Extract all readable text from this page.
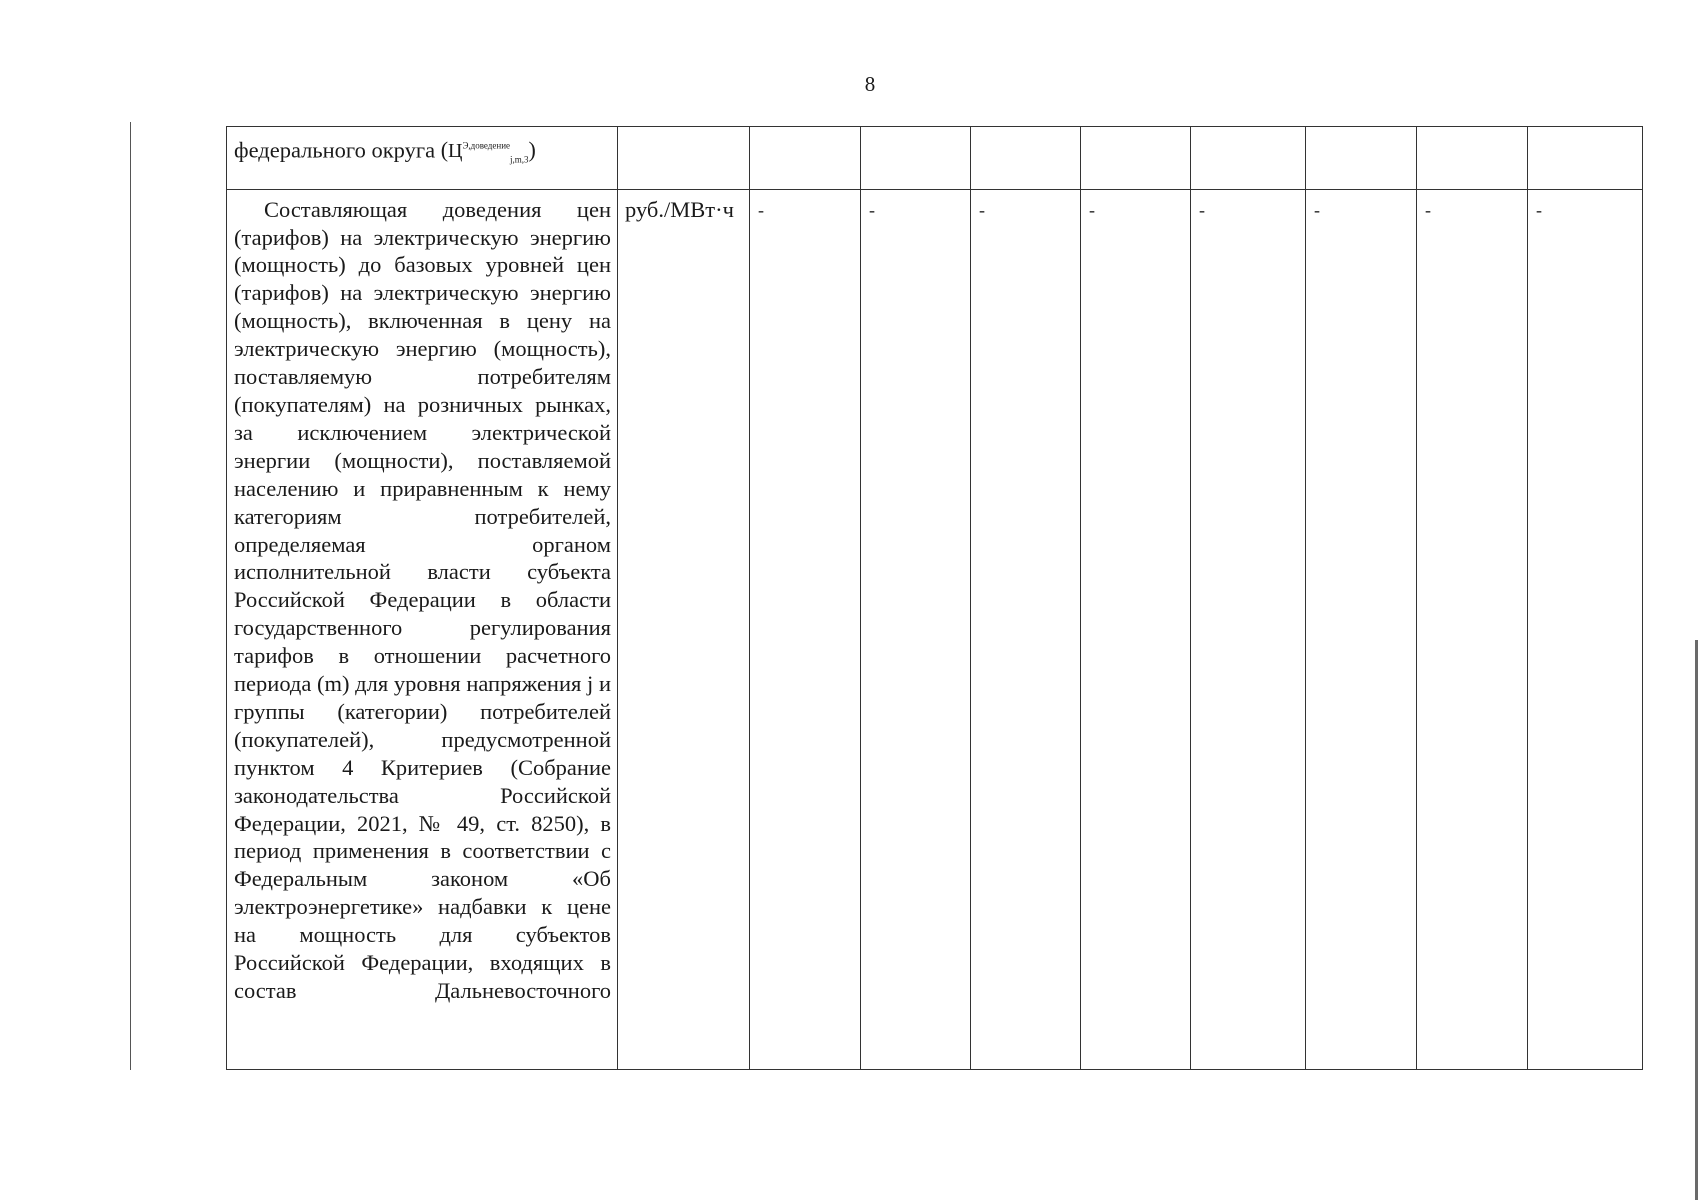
8
федерального округа $(Ц^{Э,доведение}_{j,m,3})$									
Составляющая доведения цен (тарифов) на электрическую энергию (мощность) до базовых уровней цен (тарифов) на электрическую энергию (мощность), включенная в цену на электрическую энергию (мощность), поставляемую потребителям (покупателям) на розничных рынках, за исключением электрической энергии (мощности), поставляемой населению и приравненным к нему категориям потребителей, определяемая органом исполнительной власти субъекта Российской Федерации в области государственного регулирования тарифов в отношении расчетного периода (m) для уровня напряжения j и группы (категории) потребителей (покупателей), предусмотренной пунктом 4 Критериев (Собрание законодательства Российской Федерации, 2021, № 49, ст. 8250), в период применения в соответствии с Федеральным законом «Об электроэнергетике» надбавки к цене на мощность для субъектов Российской Федерации, входящих в состав Дальневосточного	руб./МВт·ч	-	-	-	-	-	-	-	-
